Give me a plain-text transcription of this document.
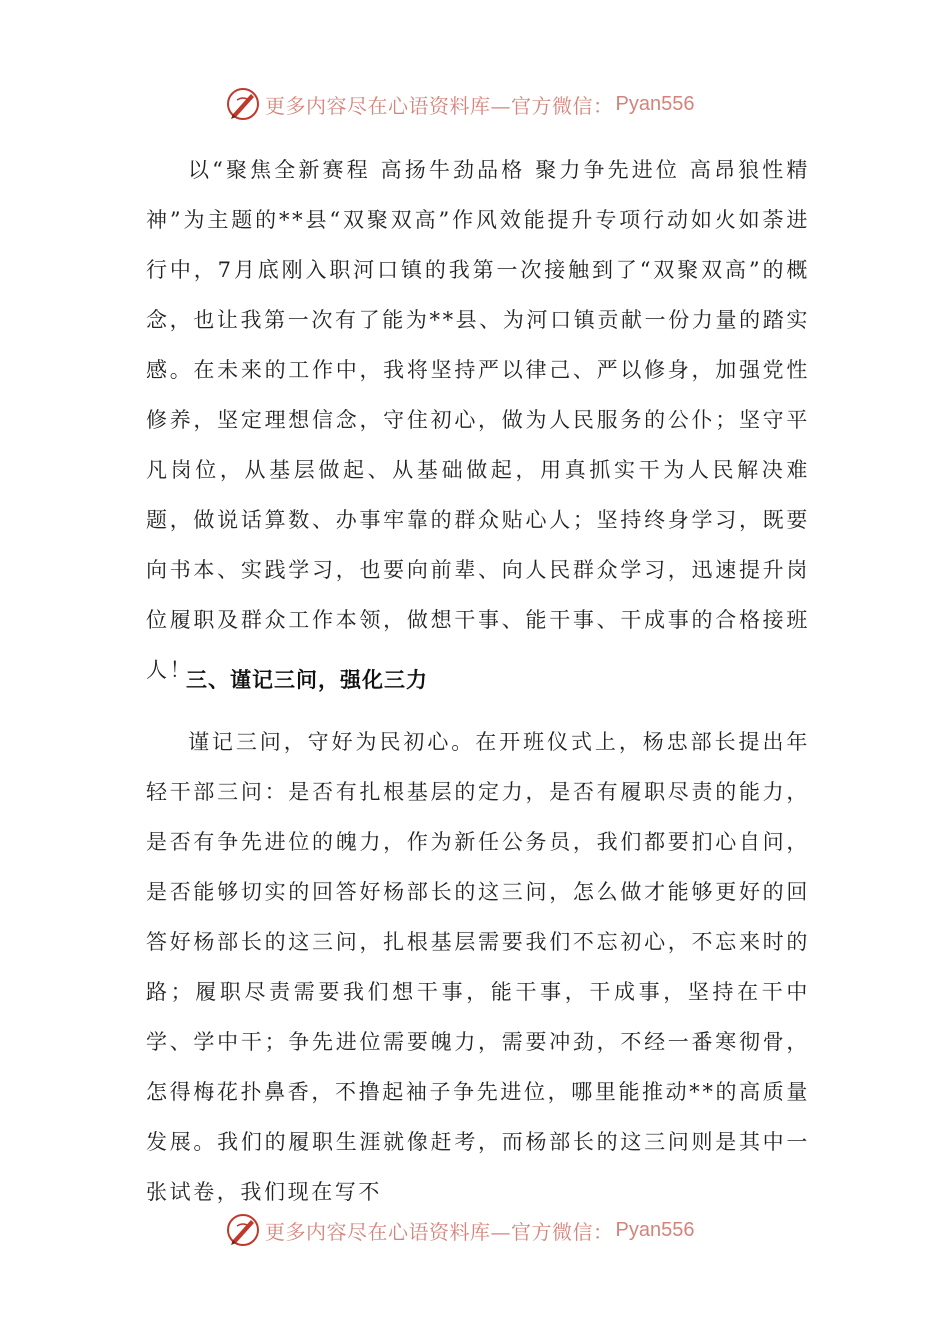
更多内容尽在心语资料库—官方微信： Pyan556
以“聚焦全新赛程 高扬牛劲品格 聚力争先进位 高昂狼性精神”为主题的**县“双聚双高”作风效能提升专项行动如火如荼进行中，7月底刚入职河口镇的我第一次接触到了“双聚双高”的概念，也让我第一次有了能为**县、为河口镇贡献一份力量的踏实感。在未来的工作中，我将坚持严以律己、严以修身，加强党性修养，坚定理想信念，守住初心，做为人民服务的公仆；坚守平凡岗位，从基层做起、从基础做起，用真抓实干为人民解决难题，做说话算数、办事牢靠的群众贴心人；坚持终身学习，既要向书本、实践学习，也要向前辈、向人民群众学习，迅速提升岗位履职及群众工作本领，做想干事、能干事、干成事的合格接班人！
三、谨记三问，强化三力
谨记三问，守好为民初心。在开班仪式上，杨忠部长提出年轻干部三问：是否有扎根基层的定力，是否有履职尽责的能力，是否有争先进位的魄力，作为新任公务员，我们都要扪心自问，是否能够切实的回答好杨部长的这三问，怎么做才能够更好的回答好杨部长的这三问，扎根基层需要我们不忘初心，不忘来时的路；履职尽责需要我们想干事，能干事，干成事，坚持在干中学、学中干；争先进位需要魄力，需要冲劲，不经一番寒彻骨，怎得梅花扑鼻香，不撸起袖子争先进位，哪里能推动**的高质量发展。我们的履职生涯就像赶考，而杨部长的这三问则是其中一张试卷，我们现在写不
更多内容尽在心语资料库—官方微信： Pyan556
